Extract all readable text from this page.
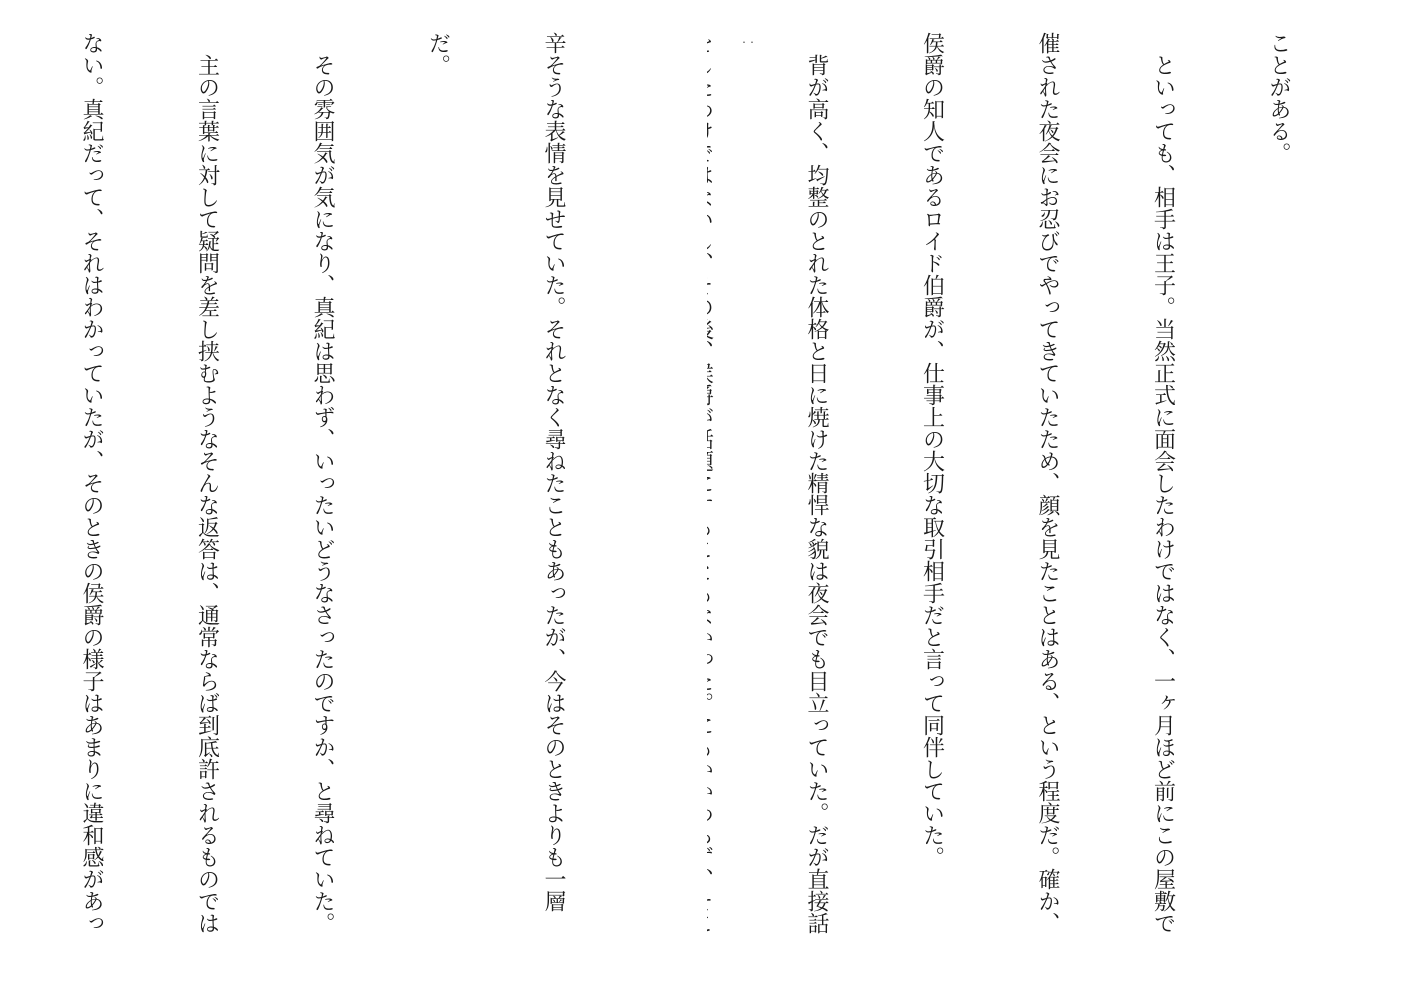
ことがある。

　といっても、相手は王子。当然正式に面会したわけではなく、一ヶ月ほど前にこの屋敷で

催された夜会にお忍びでやってきていたため、顔を見たことはある、という程度だ。確か、

侯爵の知人であるロイド伯爵が、仕事上の大切な取引相手だと言って同伴していた。

　背が高く、均整のとれた体格と日に焼けた精悍な貌は夜会でも目立っていた。だが直接話

・・

辛そうな表情を見せていた。それとなく尋ねたこともあったが、今はそのときよりも一層

だ。

　その雰囲気が気になり、真紀は思わず、いったいどうなさったのですか、と尋ねていた。

　主の言葉に対して疑問を差し挟むようなそんな返答は、通常ならば到底許されるものでは

ない。真紀だって、それはわかっていたが、そのときの侯爵の様子はあまりに違和感があっ
